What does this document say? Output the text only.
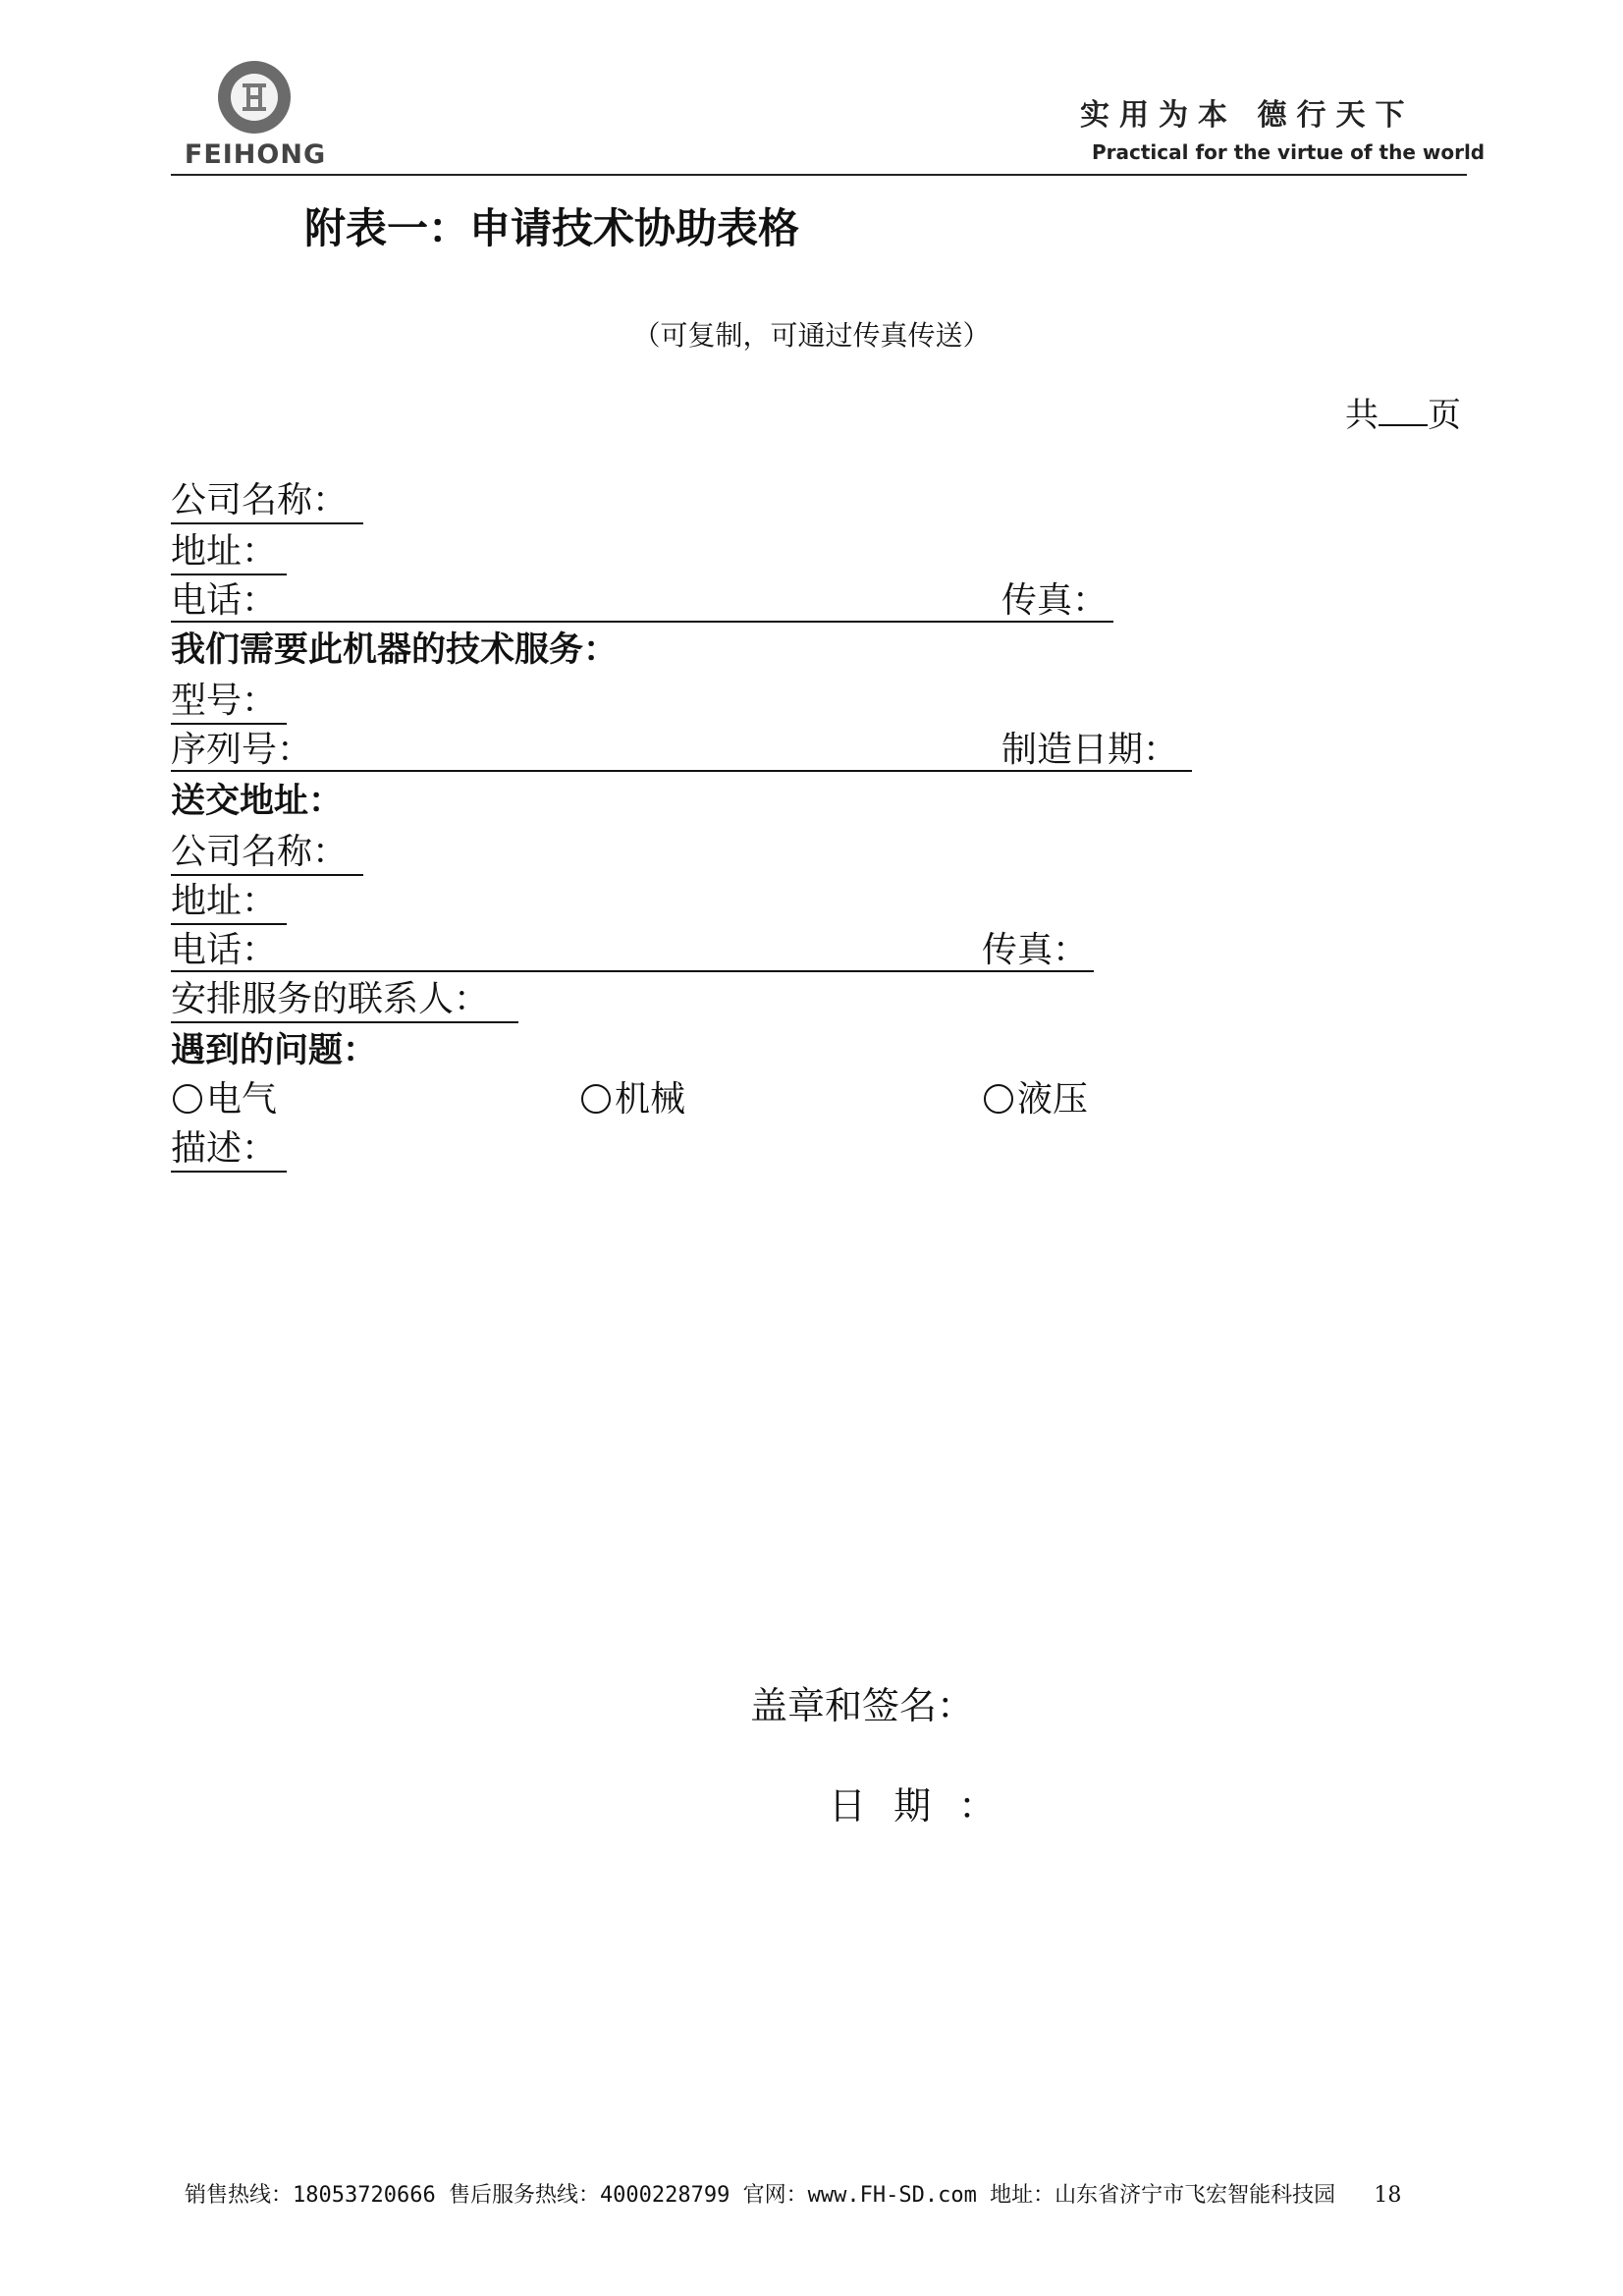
FEIHONG
实用为本 德行天下
Practical for the virtue of the world
附表一：申请技术协助表格
（可复制，可通过传真传送）
共 页
公司名称：
地址：
电话：	传真：
我们需要此机器的技术服务：
型号：
序列号：	制造日期：
送交地址：
公司名称：
地址：
电话：	传真：
安排服务的联系人：
遇到的问题：
电气	机械	液压
描述：
盖章和签名：
日 期 ：
销售热线：18053720666 售后服务热线：4000228799 官网：www.FH-SD.com 地址：山东省济宁市飞宏智能科技园 18
